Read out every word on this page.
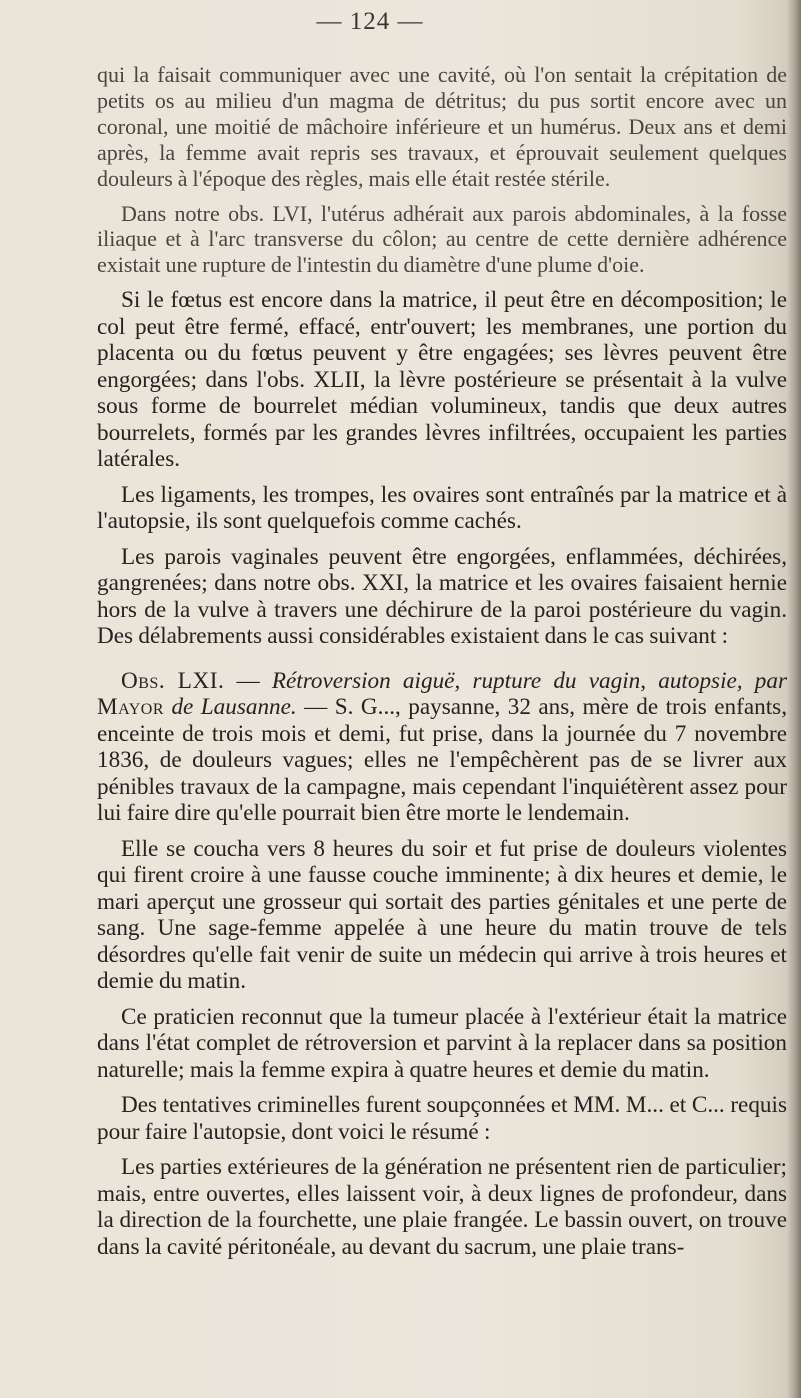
— 124 —

qui la faisait communiquer avec une cavité, où l'on sentait la crépitation de petits os au milieu d'un magma de détritus; du pus sortit encore avec un coronal, une moitié de mâchoire inférieure et un humérus. Deux ans et demi après, la femme avait repris ses travaux, et éprouvait seulement quelques douleurs à l'époque des règles, mais elle était restée stérile.

Dans notre obs. LVI, l'utérus adhérait aux parois abdominales, à la fosse iliaque et à l'arc transverse du côlon; au centre de cette dernière adhérence existait une rupture de l'intestin du diamètre d'une plume d'oie.

Si le fœtus est encore dans la matrice, il peut être en décomposition; le col peut être fermé, effacé, entr'ouvert; les membranes, une portion du placenta ou du fœtus peuvent y être engagées; ses lèvres peuvent être engorgées; dans l'obs. XLII, la lèvre postérieure se présentait à la vulve sous forme de bourrelet médian volumineux, tandis que deux autres bourrelets, formés par les grandes lèvres infiltrées, occupaient les parties latérales.

Les ligaments, les trompes, les ovaires sont entraînés par la matrice et à l'autopsie, ils sont quelquefois comme cachés.

Les parois vaginales peuvent être engorgées, enflammées, déchirées, gangrenées; dans notre obs. XXI, la matrice et les ovaires faisaient hernie hors de la vulve à travers une déchirure de la paroi postérieure du vagin. Des délabrements aussi considérables existaient dans le cas suivant :

Obs. LXI. — Rétroversion aiguë, rupture du vagin, autopsie, par Mayor de Lausanne. — S. G..., paysanne, 32 ans, mère de trois enfants, enceinte de trois mois et demi, fut prise, dans la journée du 7 novembre 1836, de douleurs vagues; elles ne l'empêchèrent pas de se livrer aux pénibles travaux de la campagne, mais cependant l'inquiétèrent assez pour lui faire dire qu'elle pourrait bien être morte le lendemain.

Elle se coucha vers 8 heures du soir et fut prise de douleurs violentes qui firent croire à une fausse couche imminente; à dix heures et demie, le mari aperçut une grosseur qui sortait des parties génitales et une perte de sang. Une sage-femme appelée à une heure du matin trouve de tels désordres qu'elle fait venir de suite un médecin qui arrive à trois heures et demie du matin.

Ce praticien reconnut que la tumeur placée à l'extérieur était la matrice dans l'état complet de rétroversion et parvint à la replacer dans sa position naturelle; mais la femme expira à quatre heures et demie du matin.

Des tentatives criminelles furent soupçonnées et MM. M... et C... requis pour faire l'autopsie, dont voici le résumé :

Les parties extérieures de la génération ne présentent rien de particulier; mais, entre ouvertes, elles laissent voir, à deux lignes de profondeur, dans la direction de la fourchette, une plaie frangée. Le bassin ouvert, on trouve dans la cavité péritonéale, au devant du sacrum, une plaie trans-
